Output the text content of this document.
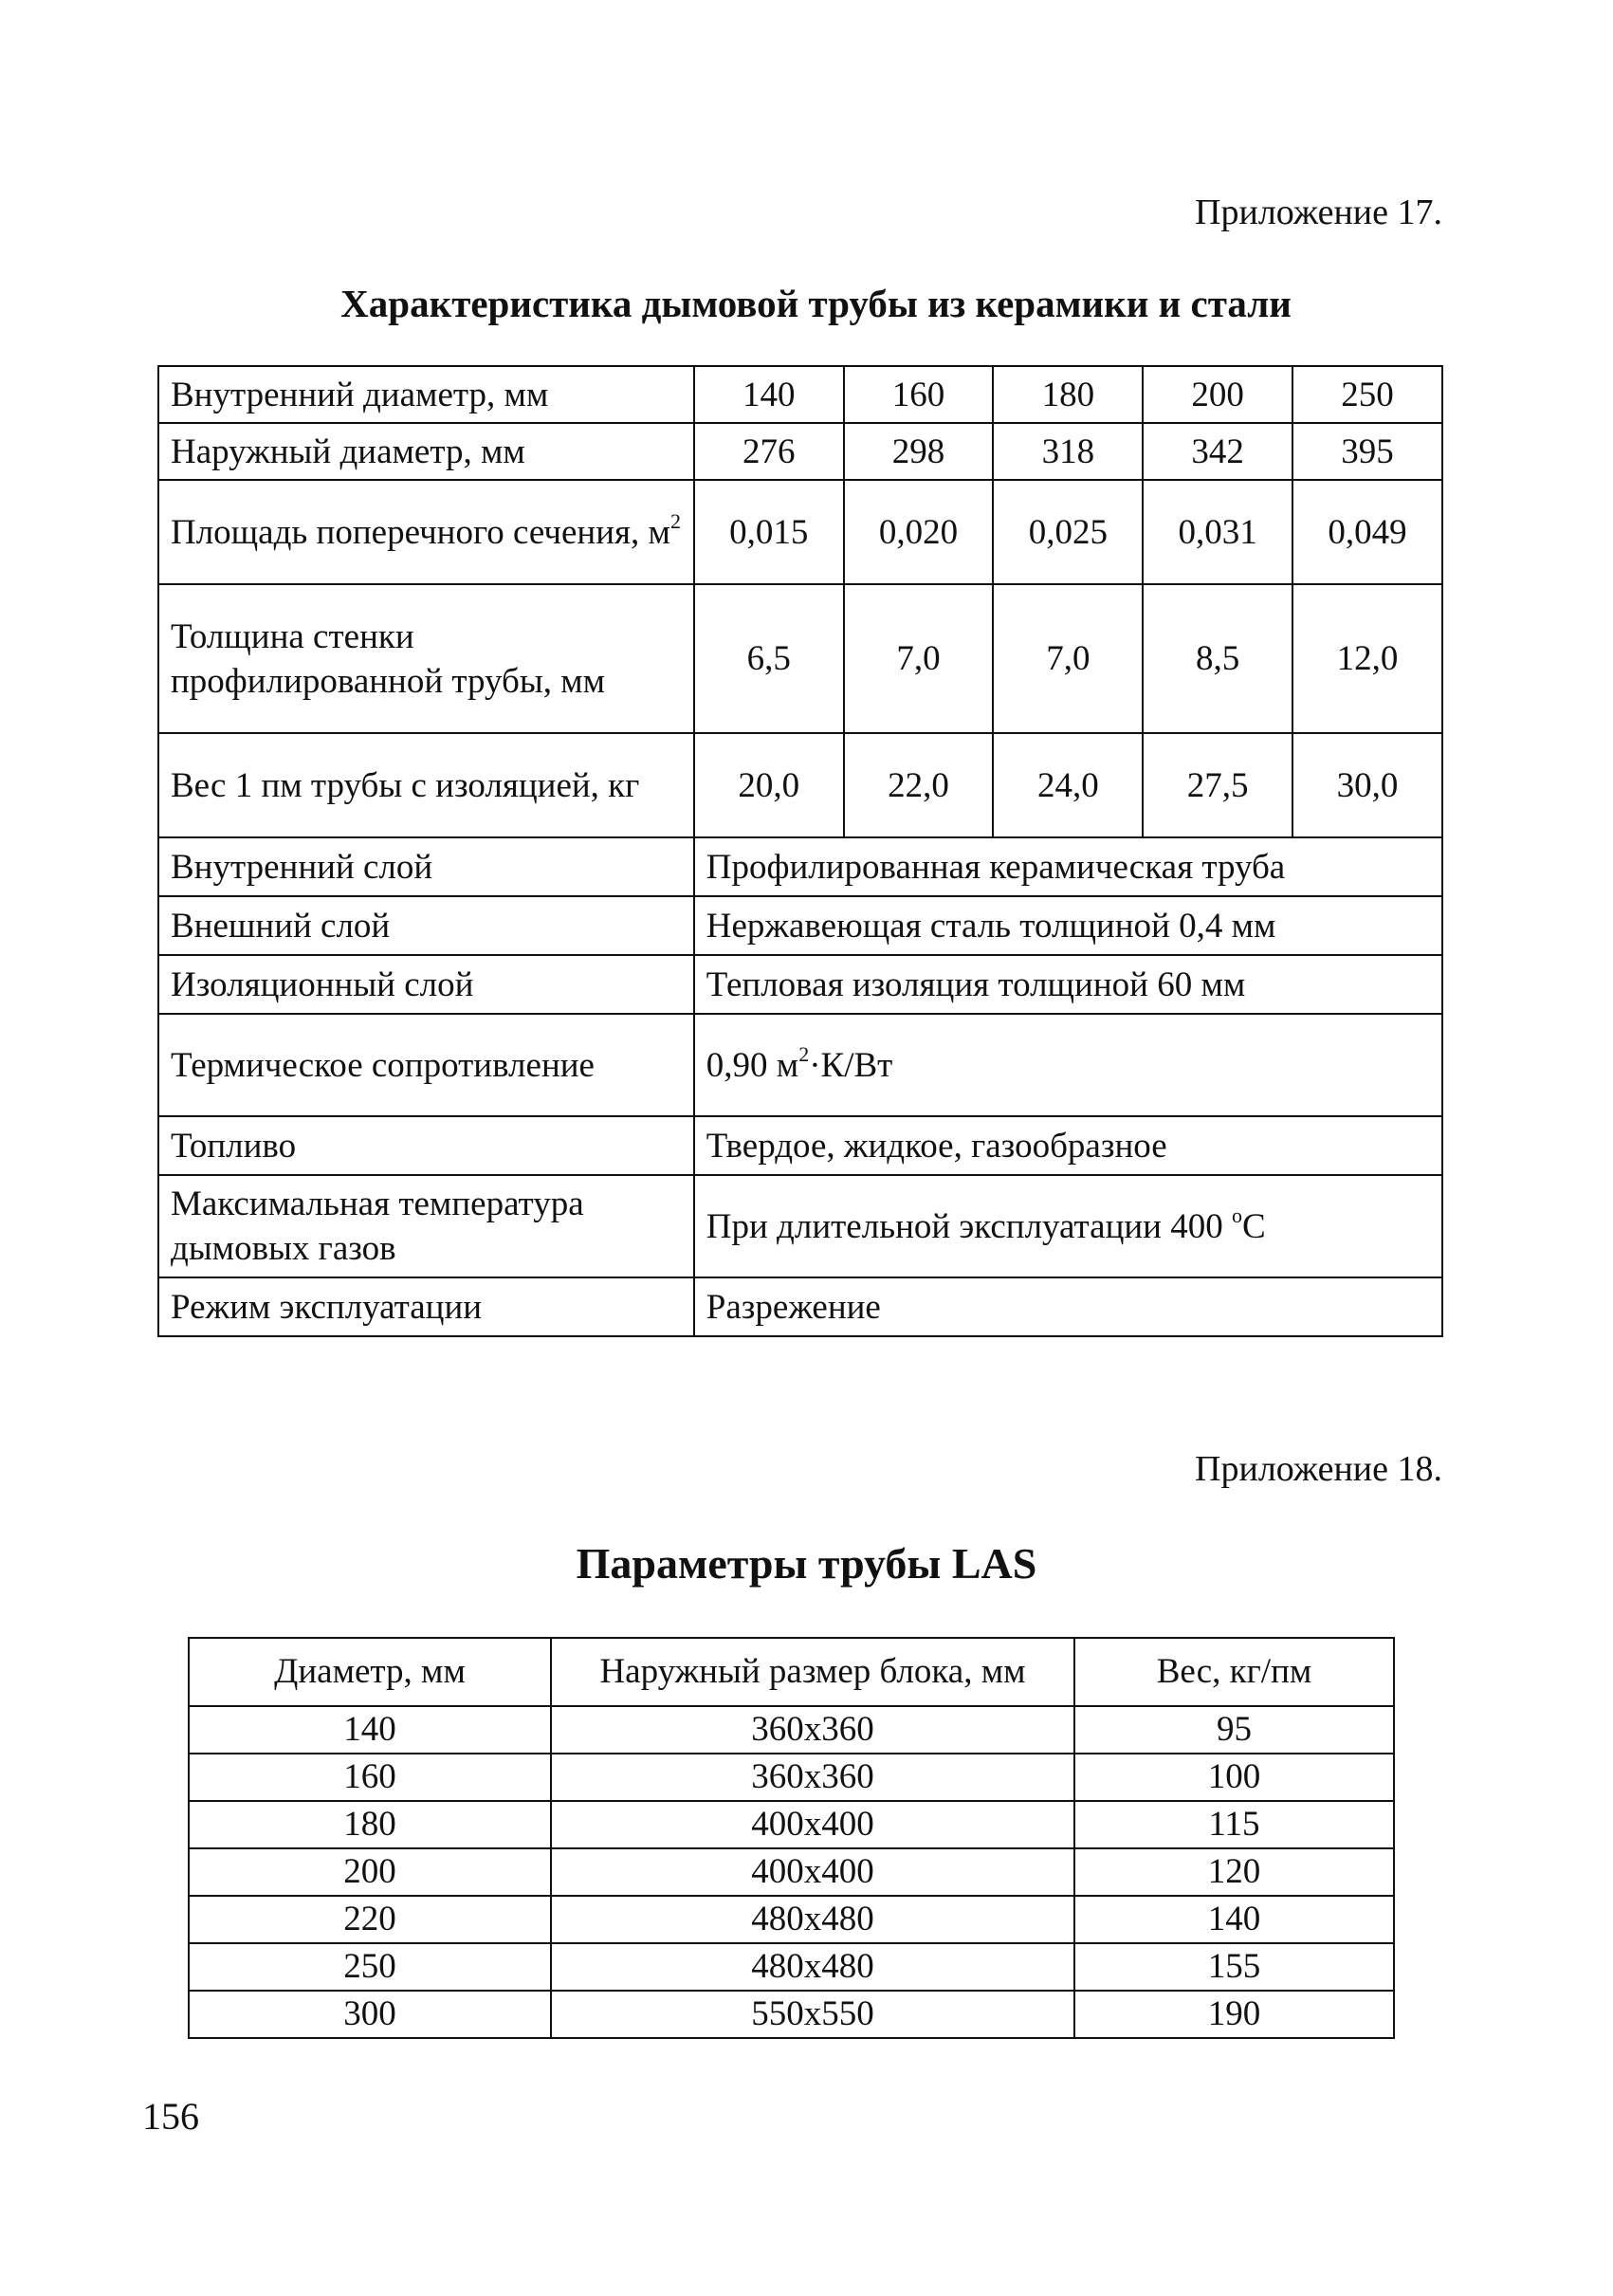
Приложение 17.
Характеристика дымовой трубы из керамики и стали
Внутренний диаметр, мм	140	160	180	200	250
Наружный диаметр, мм	276	298	318	342	395
Площадь поперечного сечения, $м^2$	0,015	0,020	0,025	0,031	0,049
Толщина стенки профилированной трубы, мм	6,5	7,0	7,0	8,5	12,0
Вес 1 пм трубы с изоляцией, кг	20,0	22,0	24,0	27,5	30,0
Внутренний слой	Профилированная керамическая труба				
Внешний слой	Нержавеющая сталь толщиной 0,4 мм				
Изоляционный слой	Тепловая изоляция толщиной 60 мм				
Термическое сопротивление	0,90 $м^2\cdot К/Вт$				
Топливо	Твердое, жидкое, газообразное				
Максимальная температура дымовых газов	При длительной эксплуатации 400 $^о$С				
Режим эксплуатации	Разрежение				
Приложение 18.
Параметры трубы LAS
Диаметр, мм	Наружный размер блока, мм	Вес, кг/пм
140	360x360	95
160	360x360	100
180	400x400	115
200	400x400	120
220	480x480	140
250	480x480	155
300	550x550	190
156
